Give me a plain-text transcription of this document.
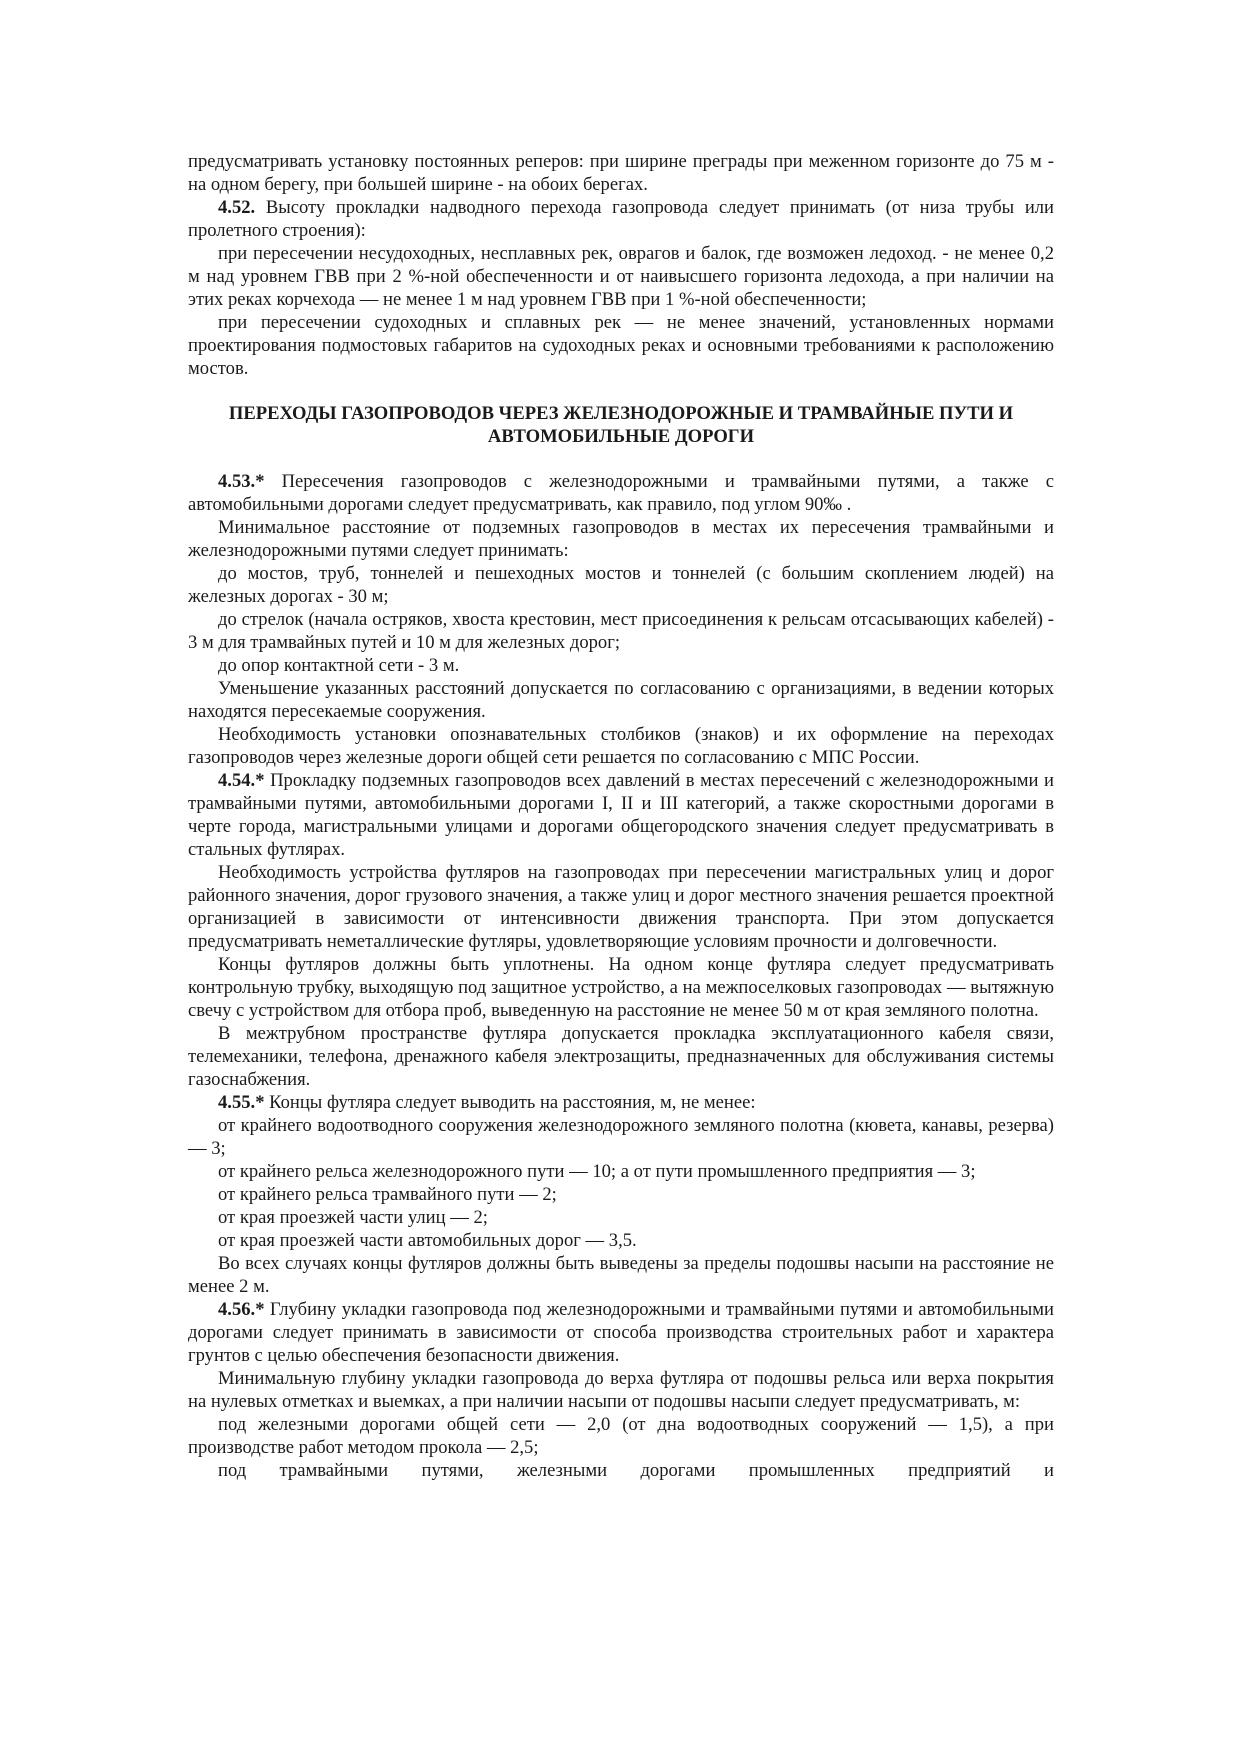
предусматривать установку постоянных реперов: при ширине преграды при меженном горизонте до 75 м - на одном берегу, при большей ширине - на обоих берегах.

4.52. Высоту прокладки надводного перехода газопровода следует принимать (от низа трубы или пролетного строения):

при пересечении несудоходных, несплавных рек, оврагов и балок, где возможен ледоход. - не менее 0,2 м над уровнем ГВВ при 2 %-ной обеспеченности и от наивысшего горизонта ледохода, а при наличии на этих реках корчехода — не менее 1 м над уровнем ГВВ при 1 %-ной обеспеченности;

при пересечении судоходных и сплавных рек — не менее значений, установленных нормами проектирования подмостовых габаритов на судоходных реках и основными требованиями к расположению мостов.

ПЕРЕХОДЫ ГАЗОПРОВОДОВ ЧЕРЕЗ ЖЕЛЕЗНОДОРОЖНЫЕ И ТРАМВАЙНЫЕ ПУТИ И АВТОМОБИЛЬНЫЕ ДОРОГИ

4.53.* Пересечения газопроводов с железнодорожными и трамвайными путями, а также с автомобильными дорогами следует предусматривать, как правило, под углом 90‰ .

Минимальное расстояние от подземных газопроводов в местах их пересечения трамвайными и железнодорожными путями следует принимать:

до мостов, труб, тоннелей и пешеходных мостов и тоннелей (с большим скоплением людей) на железных дорогах - 30 м;

до стрелок (начала остряков, хвоста крестовин, мест присоединения к рельсам отсасывающих кабелей) - 3 м для трамвайных путей и 10 м для железных дорог;

до опор контактной сети - 3 м.

Уменьшение указанных расстояний допускается по согласованию с организациями, в ведении которых находятся пересекаемые сооружения.

Необходимость установки опознавательных столбиков (знаков) и их оформление на переходах газопроводов через железные дороги общей сети решается по согласованию с МПС России.

4.54.* Прокладку подземных газопроводов всех давлений в местах пересечений с железнодорожными и трамвайными путями, автомобильными дорогами I, II и III категорий, а также скоростными дорогами в черте города, магистральными улицами и дорогами общегородского значения следует предусматривать в стальных футлярах.

Необходимость устройства футляров на газопроводах при пересечении магистральных улиц и дорог районного значения, дорог грузового значения, а также улиц и дорог местного значения решается проектной организацией в зависимости от интенсивности движения транспорта. При этом допускается предусматривать неметаллические футляры, удовлетворяющие условиям прочности и долговечности.

Концы футляров должны быть уплотнены. На одном конце футляра следует предусматривать контрольную трубку, выходящую под защитное устройство, а на межпоселковых газопроводах — вытяжную свечу с устройством для отбора проб, выведенную на расстояние не менее 50 м от края земляного полотна.

В межтрубном пространстве футляра допускается прокладка эксплуатационного кабеля связи, телемеханики, телефона, дренажного кабеля электрозащиты, предназначенных для обслуживания системы газоснабжения.

4.55.* Концы футляра следует выводить на расстояния, м, не менее:

от крайнего водоотводного сооружения железнодорожного земляного полотна (кювета, канавы, резерва) — 3;

от крайнего рельса железнодорожного пути — 10; а от пути промышленного предприятия — 3;

от крайнего рельса трамвайного пути — 2;

от края проезжей части улиц — 2;

от края проезжей части автомобильных дорог — 3,5.

Во всех случаях концы футляров должны быть выведены за пределы подошвы насыпи на расстояние не менее 2 м.

4.56.* Глубину укладки газопровода под железнодорожными и трамвайными путями и автомобильными дорогами следует принимать в зависимости от способа производства строительных работ и характера грунтов с целью обеспечения безопасности движения.

Минимальную глубину укладки газопровода до верха футляра от подошвы рельса или верха покрытия на нулевых отметках и выемках, а при наличии насыпи от подошвы насыпи следует предусматривать, м:

под железными дорогами общей сети — 2,0 (от дна водоотводных сооружений — 1,5), а при производстве работ методом прокола — 2,5;

под трамвайными путями, железными дорогами промышленных предприятий и
